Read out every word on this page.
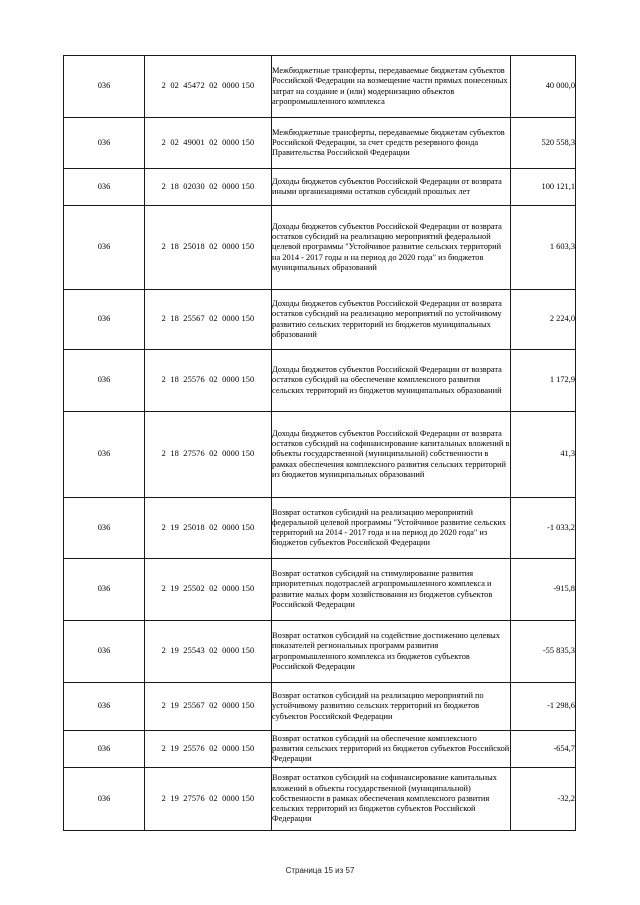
036	2  02  45472  02  0000 150	Межбюджетные трансферты, передаваемые бюджетам субъектов Российской Федерации на возмещение части прямых понесенных затрат на создание и (или) модернизацию объектов агропромышленного комплекса	40 000,0
036	2  02  49001  02  0000 150	Межбюджетные трансферты, передаваемые бюджетам субъектов Российской Федерации, за счет средств резервного фонда Правительства Российской Федерации	520 558,3
036	2  18  02030  02  0000 150	Доходы бюджетов субъектов Российской Федерации от возврата иными организациями остатков субсидий прошлых лет	100 121,1
036	2  18  25018  02  0000 150	Доходы бюджетов субъектов Российской Федерации от возврата остатков субсидий на реализацию мероприятий федеральной целевой программы "Устойчивое развитие сельских территорий на 2014 - 2017 годы и на период до 2020 года" из бюджетов муниципальных образований	1 603,3
036	2  18  25567  02  0000 150	Доходы бюджетов субъектов Российской Федерации от возврата остатков субсидий на реализацию мероприятий по устойчивому развитию сельских территорий из бюджетов муниципальных образований	2 224,0
036	2  18  25576  02  0000 150	Доходы бюджетов субъектов Российской Федерации от возврата остатков субсидий на обеспечение комплексного развития сельских территорий из бюджетов муниципальных образований	1 172,9
036	2  18  27576  02  0000 150	Доходы бюджетов субъектов Российской Федерации от возврата остатков субсидий на софинансирование капитальных вложений в объекты государственной (муниципальной) собственности в рамках обеспечения комплексного развития сельских территорий из бюджетов муниципальных образований	41,3
036	2  19  25018  02  0000 150	Возврат остатков субсидий на реализацию мероприятий федеральной целевой программы "Устойчивое развитие сельских территорий на 2014 - 2017 года и на период до 2020 года" из бюджетов субъектов Российской Федерации	-1 033,2
036	2  19  25502  02  0000 150	Возврат остатков субсидий на стимулирование развития приоритетных подотраслей агропромышленного комплекса и развитие малых форм хозяйствования из бюджетов субъектов Российской Федерации	-915,8
036	2  19  25543  02  0000 150	Возврат остатков субсидий на содействие достижению целевых показателей региональных программ развития агропромышленного комплекса из бюджетов субъектов Российской Федерации	-55 835,3
036	2  19  25567  02  0000 150	Возврат остатков субсидий на реализацию мероприятий по устойчивому развитию сельских территорий из бюджетов субъектов Российской Федерации	-1 298,6
036	2  19  25576  02  0000 150	Возврат остатков субсидий на обеспечение комплексного развития сельских территорий из бюджетов субъектов Российской Федерации	-654,7
036	2  19  27576  02  0000 150	Возврат остатков субсидий на софинансирование капитальных вложений в объекты государственной (муниципальной) собственности в рамках обеспечения комплексного развития сельских территорий из бюджетов субъектов Российской Федерации	-32,2
Страница 15 из 57
